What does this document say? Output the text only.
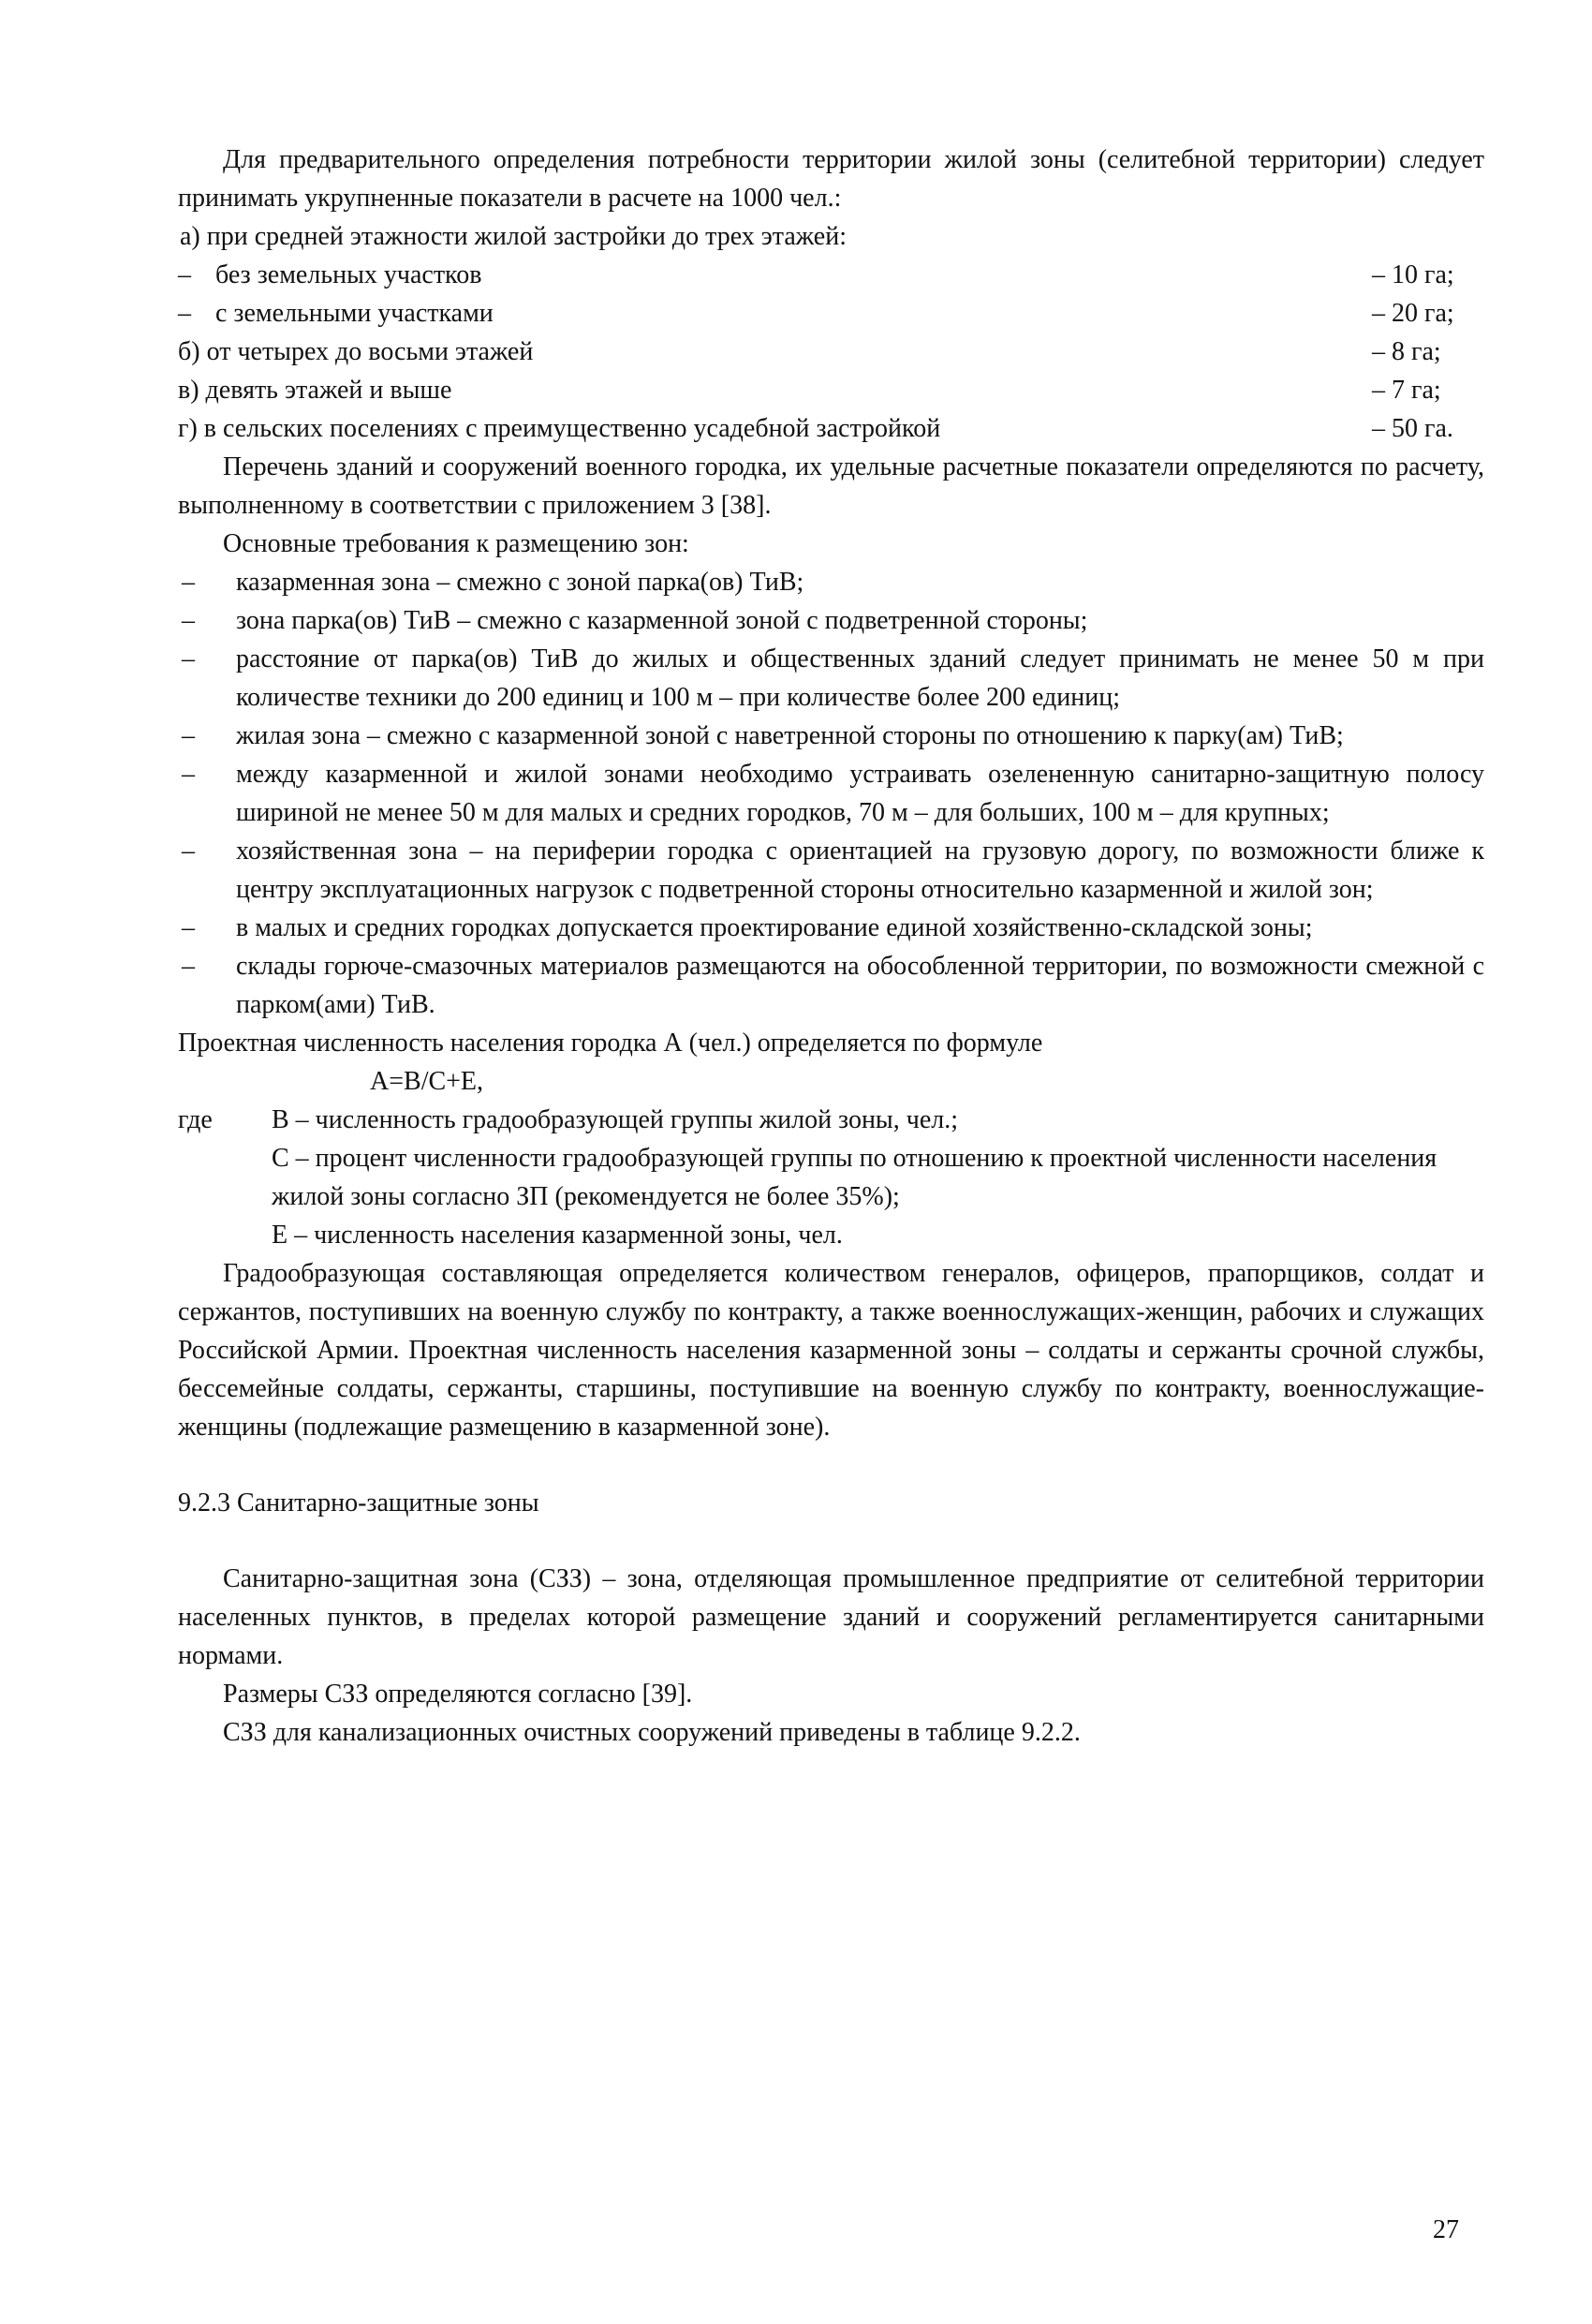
Для предварительного определения потребности территории жилой зоны (селитебной территории) следует принимать укрупненные показатели в расчете на 1000 чел.:

а) при средней этажности жилой застройки до трех этажей:

– без земельных участков	– 10 га;
– с земельными участками	– 20 га;
б) от четырех до восьми этажей	– 8 га;
в) девять этажей и выше	– 7 га;
г) в сельских поселениях с преимущественно усадебной застройкой	– 50 га.

Перечень зданий и сооружений военного городка, их удельные расчетные показатели определяются по расчету, выполненному в соответствии с приложением 3 [38].

Основные требования к размещению зон:

–	казарменная зона – смежно с зоной парка(ов) ТиВ;
–	зона парка(ов) ТиВ – смежно с казарменной зоной с подветренной стороны;
–	расстояние от парка(ов) ТиВ до жилых и общественных зданий следует принимать не менее 50 м при количестве техники до 200 единиц и 100 м – при количестве более 200 единиц;
–	жилая зона – смежно с казарменной зоной с наветренной стороны по отношению к парку(ам) ТиВ;
–	между казарменной и жилой зонами необходимо устраивать озелененную санитарно-защитную полосу шириной не менее 50 м для малых и средних городков, 70 м – для больших, 100 м – для крупных;
–	хозяйственная зона – на периферии городка с ориентацией на грузовую дорогу, по возможности ближе к центру эксплуатационных нагрузок с подветренной стороны относительно казарменной и жилой зон;
–	в малых и средних городках допускается проектирование единой хозяйственно-складской зоны;
–	склады горюче-смазочных материалов размещаются на обособленной территории, по возможности смежной с парком(ами) ТиВ.

Проектная численность населения городка А (чел.) определяется по формуле

А=В/С+Е,

где	В – численность градообразующей группы жилой зоны, чел.;

С – процент численности градообразующей группы по отношению к проектной численности населения жилой зоны согласно ЗП (рекомендуется не более 35%);

Е – численность населения казарменной зоны, чел.

Градообразующая составляющая определяется количеством генералов, офицеров, прапорщиков, солдат и сержантов, поступивших на военную службу по контракту, а также военнослужащих-женщин, рабочих и служащих Российской Армии. Проектная численность населения казарменной зоны – солдаты и сержанты срочной службы, бессемейные солдаты, сержанты, старшины, поступившие на военную службу по контракту, военнослужащие-женщины (подлежащие размещению в казарменной зоне).

9.2.3 Санитарно-защитные зоны

Санитарно-защитная зона (СЗЗ) – зона, отделяющая промышленное предприятие от селитебной территории населенных пунктов, в пределах которой размещение зданий и сооружений регламентируется санитарными нормами.

Размеры СЗЗ определяются согласно [39].

СЗЗ для канализационных очистных сооружений приведены в таблице 9.2.2.

27
